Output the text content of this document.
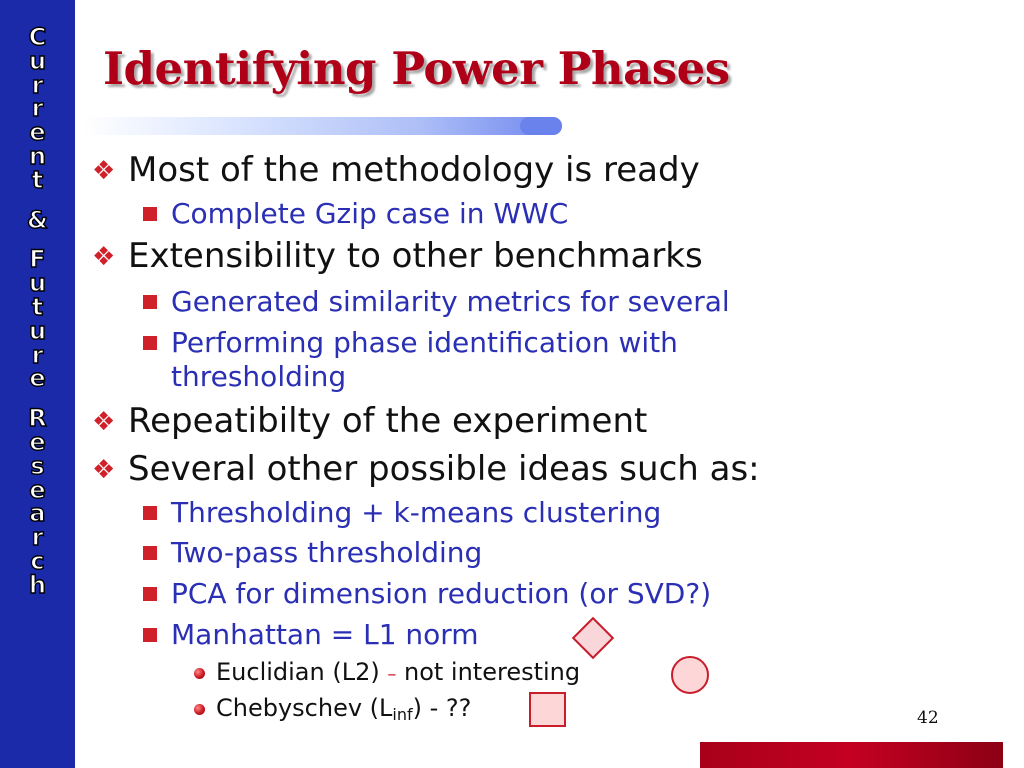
C
u
r
r
e
n
t
&
F
u
t
u
r
e
R
e
s
e
a
r
c
h
Identifying Power Phases
❖ Most of the methodology is ready
Complete Gzip case in WWC
❖ Extensibility to other benchmarks
Generated similarity metrics for several
Performing phase identification with
thresholding
❖ Repeatibilty of the experiment
❖ Several other possible ideas such as:
Thresholding + k-means clustering
Two-pass thresholding
PCA for dimension reduction (or SVD?)
Manhattan = L1 norm
Euclidian (L2) – not interesting
Chebyschev $(L_{inf})$ - ??	42
